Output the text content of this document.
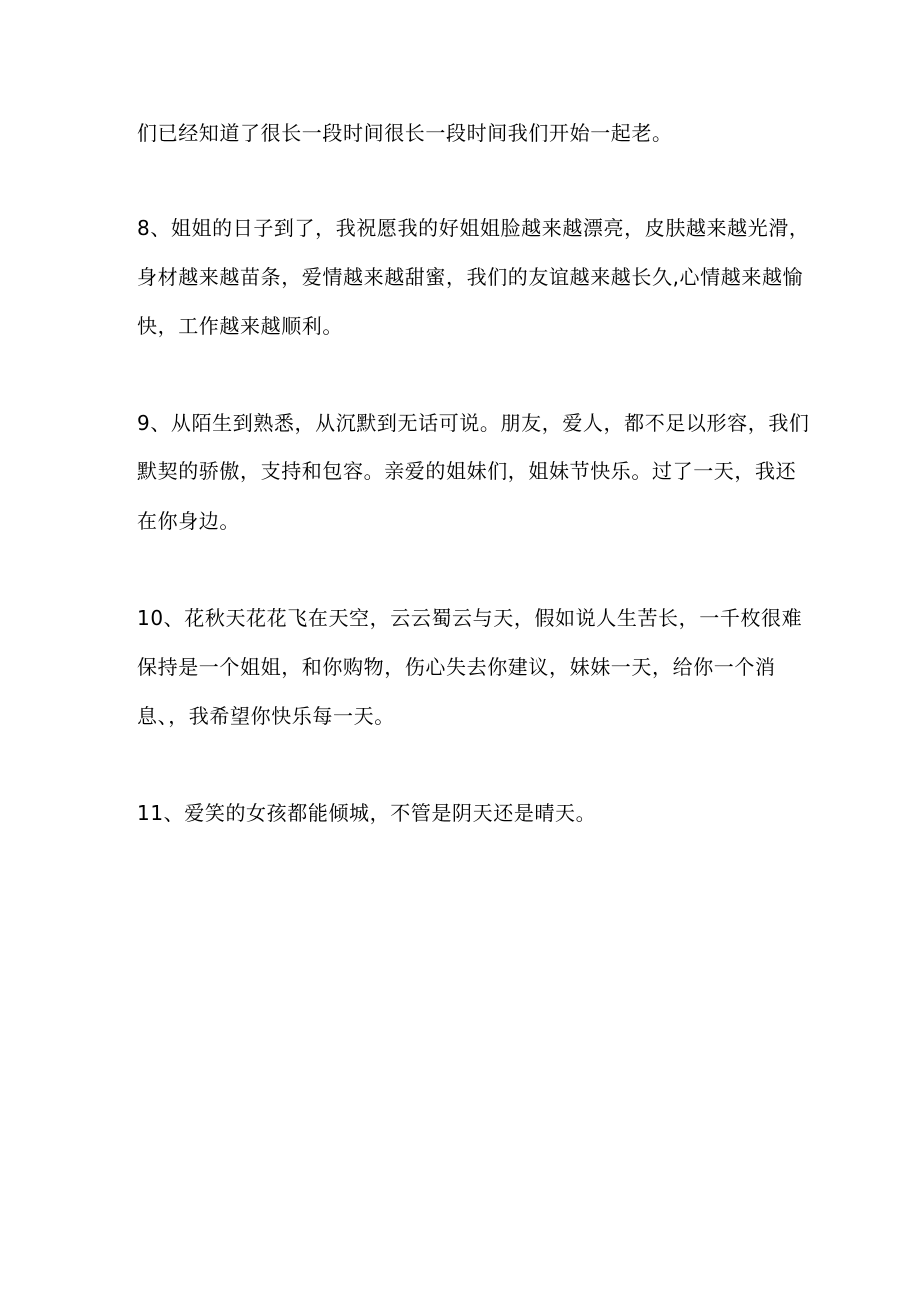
们已经知道了很长一段时间很长一段时间我们开始一起老。
8、姐姐的日子到了，我祝愿我的好姐姐脸越来越漂亮，皮肤越来越光滑，
身材越来越苗条，爱情越来越甜蜜，我们的友谊越来越长久,心情越来越愉
快，工作越来越顺利。
9、从陌生到熟悉，从沉默到无话可说。朋友，爱人，都不足以形容，我们
默契的骄傲，支持和包容。亲爱的姐妹们，姐妹节快乐。过了一天，我还
在你身边。
10、花秋天花花飞在天空，云云蜀云与天，假如说人生苦长，一千枚很难
保持是一个姐姐，和你购物，伤心失去你建议，妹妹一天，给你一个消
息、，我希望你快乐每一天。
11、爱笑的女孩都能倾城，不管是阴天还是晴天。
